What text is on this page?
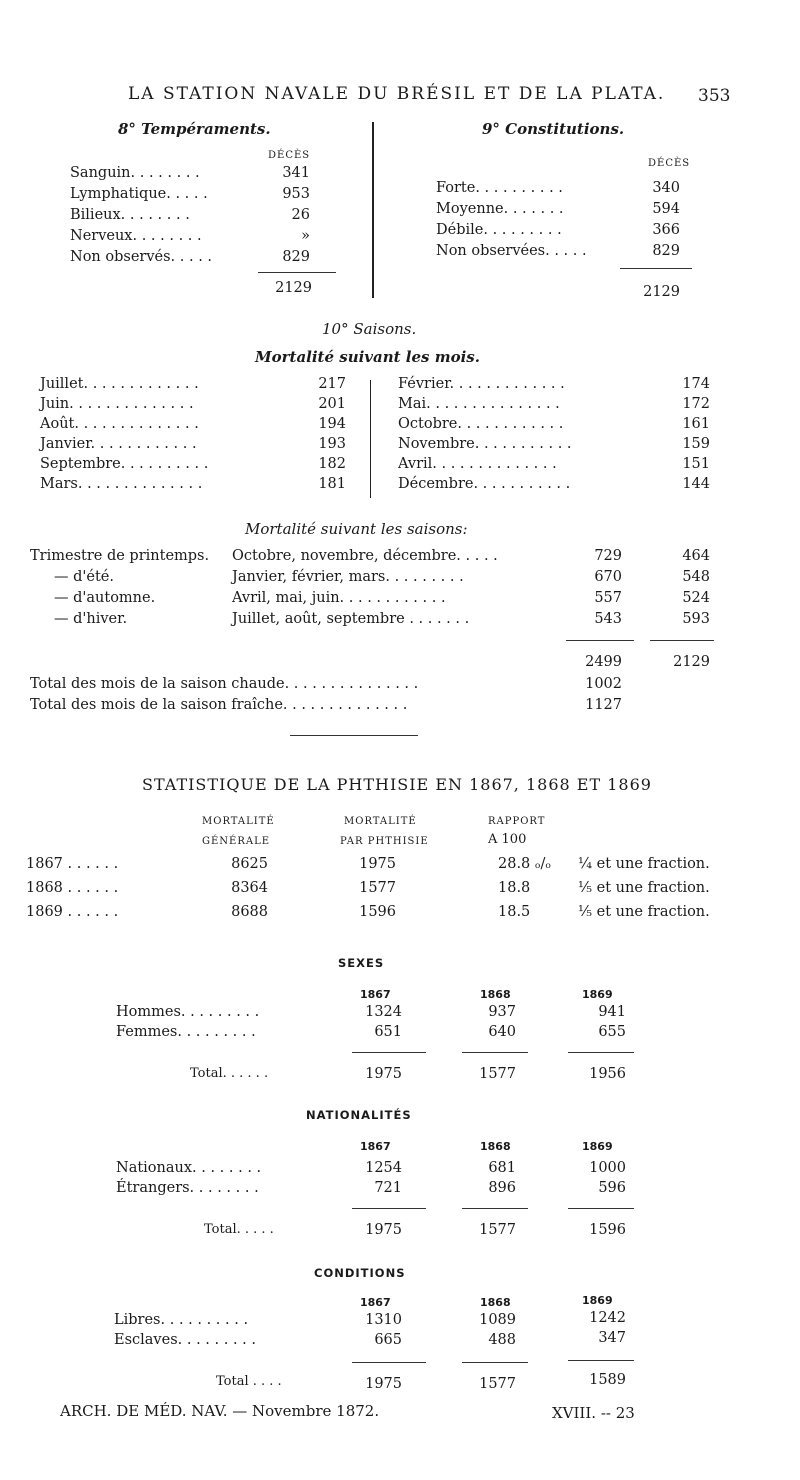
LA STATION NAVALE DU BRÉSIL ET DE LA PLATA. 353
8° Tempéraments.
DÉCÈS
Sanguin. . . . . . . .	341
Lymphatique. . . . .	953
Bilieux. . . . . . . .	26
Nerveux. . . . . . . .	»
Non observés. . . . .	829
2129
9° Constitutions.
DÉCÈS
Forte. . . . . . . . . .	340
Moyenne. . . . . . .	594
Débile. . . . . . . . .	366
Non observées. . . . .	829
2129
10° Saisons.
Mortalité suivant les mois.
Juillet. . . . . . . . . . . . .	217
Juin. . . . . . . . . . . . . .	201
Août. . . . . . . . . . . . . .	194
Janvier. . . . . . . . . . . .	193
Septembre. . . . . . . . . .	182
Mars. . . . . . . . . . . . . .	181
Février. . . . . . . . . . . . .	174
Mai. . . . . . . . . . . . . . .	172
Octobre. . . . . . . . . . . .	161
Novembre. . . . . . . . . . .	159
Avril. . . . . . . . . . . . . .	151
Décembre. . . . . . . . . . .	144
Mortalité suivant les saisons:
Trimestre de printemps. Octobre, novembre, décembre. . . . .	729	464
— d'été.	Janvier, février, mars. . . . . . . . .	670	548
— d'automne.	Avril, mai, juin. . . . . . . . . . . .	557	524
— d'hiver.	Juillet, août, septembre . . . . . . .	543	593
2499	2129
Total des mois de la saison chaude. . . . . . . . . . . . . . .	1002
Total des mois de la saison fraîche. . . . . . . . . . . . . .	1127
STATISTIQUE DE LA PHTHISIE EN 1867, 1868 ET 1869
MORTALITÉ
GÉNÉRALE
MORTALITÉ
PAR PHTHISIE
RAPPORT
A 100
1867 . . . . . .	8625	1975	28.8 ₒ/ₒ ¼ et une fraction.
1868 . . . . . .	8364	1577	18.8	⅕ et une fraction.
1869 . . . . . .	8688	1596	18.5	⅕ et une fraction.
SEXES
1867	1868	1869
Hommes. . . . . . . . .	1324	937	941
Femmes. . . . . . . . .	651	640	655
Total. . . . . .	1975	1577	1956
NATIONALITÉS
1867	1868	1869
Nationaux. . . . . . . .	1254	681	1000
Étrangers. . . . . . . .	721	896	596
Total. . . . .	1975	1577	1596
CONDITIONS
1867	1868	1869
Libres. . . . . . . . . .	1310	1089	1242
Esclaves. . . . . . . . .	665	488	347
Total . . . .	1975	1577	1589
ARCH. DE MÉD. NAV. — Novembre 1872.	XVIII. -- 23
